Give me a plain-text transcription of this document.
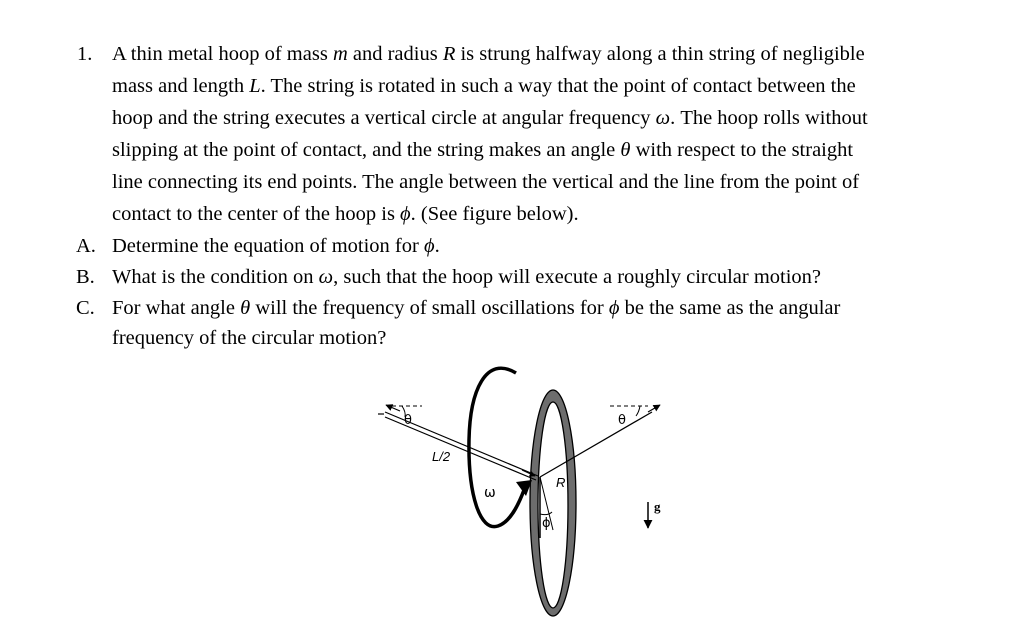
1. A thin metal hoop of mass m and radius R is strung halfway along a thin string of negligible
mass and length L. The string is rotated in such a way that the point of contact between the
hoop and the string executes a vertical circle at angular frequency ω. The hoop rolls without
slipping at the point of contact, and the string makes an angle θ with respect to the straight
line connecting its end points. The angle between the vertical and the line from the point of
contact to the center of the hoop is ϕ. (See figure below).
A. Determine the equation of motion for ϕ.
B. What is the condition on ω, such that the hoop will execute a roughly circular motion?
C. For what angle θ will the frequency of small oscillations for ϕ be the same as the angular
frequency of the circular motion?
θ	θ
L/2
R
ω
ϕ
g
